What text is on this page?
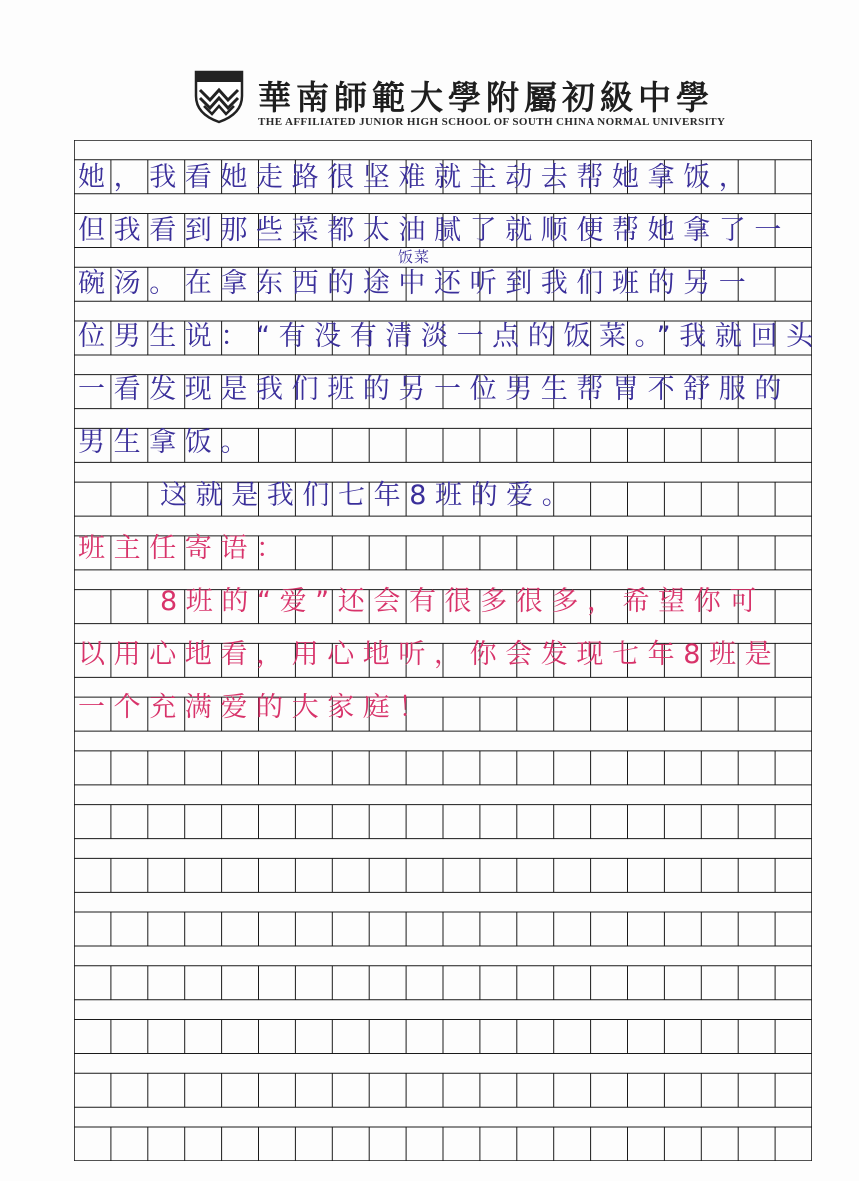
華南師範大學附屬初級中學
THE AFFILIATED JUNIOR HIGH SCHOOL OF SOUTH CHINA NORMAL UNIVERSITY
她，我看她走路很坚难就主动去帮她拿饭，
但我看到那些菜都太油腻了就顺便帮她拿了一
饭菜
碗汤。在拿东西的途中还听到我们班的另一
位男生说：“有没有清淡一点的饭菜。”我就回头
一看发现是我们班的另一位男生帮胃不舒服的
男生拿饭。
这就是我们七年8班的爱。
班主任寄语：
8班的“爱”还会有很多很多，希望你可
以用心地看，用心地听，你会发现七年8班是
一个充满爱的大家庭！
